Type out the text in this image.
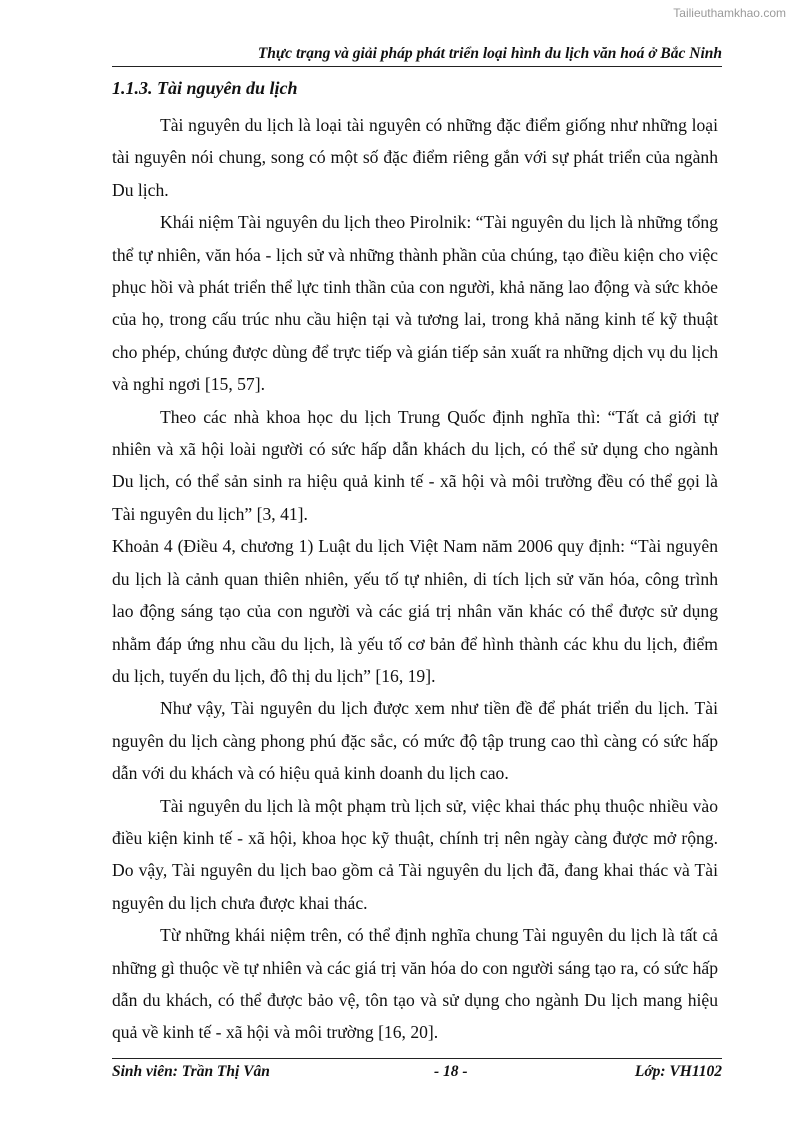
Tailieuthamkhao.com
Thực trạng và giải pháp phát triển loại hình du lịch văn hoá ở Bắc Ninh
1.1.3. Tài nguyên du lịch

Tài nguyên du lịch là loại tài nguyên có những đặc điểm giống như những loại tài nguyên nói chung, song có một số đặc điểm riêng gắn với sự phát triển của ngành Du lịch.

Khái niệm Tài nguyên du lịch theo Pirolnik: “Tài nguyên du lịch là những tổng thể tự nhiên, văn hóa - lịch sử và những thành phần của chúng, tạo điều kiện cho việc phục hồi và phát triển thể lực tinh thần của con người, khả năng lao động và sức khỏe của họ, trong cấu trúc nhu cầu hiện tại và tương lai, trong khả năng kinh tế kỹ thuật cho phép, chúng được dùng để trực tiếp và gián tiếp sản xuất ra những dịch vụ du lịch và nghỉ ngơi [15, 57].

Theo các nhà khoa học du lịch Trung Quốc định nghĩa thì: “Tất cả giới tự nhiên và xã hội loài người có sức hấp dẫn khách du lịch, có thể sử dụng cho ngành Du lịch, có thể sản sinh ra hiệu quả kinh tế - xã hội và môi trường đều có thể gọi là Tài nguyên du lịch” [3, 41].

Khoản 4 (Điều 4, chương 1) Luật du lịch Việt Nam năm 2006 quy định: “Tài nguyên du lịch là cảnh quan thiên nhiên, yếu tố tự nhiên, di tích lịch sử văn hóa, công trình lao động sáng tạo của con người và các giá trị nhân văn khác có thể được sử dụng nhằm đáp ứng nhu cầu du lịch, là yếu tố cơ bản để hình thành các khu du lịch, điểm du lịch, tuyến du lịch, đô thị du lịch” [16, 19].

Như vậy, Tài nguyên du lịch được xem như tiền đề để phát triển du lịch. Tài nguyên du lịch càng phong phú đặc sắc, có mức độ tập trung cao thì càng có sức hấp dẫn với du khách và có hiệu quả kinh doanh du lịch cao.

Tài nguyên du lịch là một phạm trù lịch sử, việc khai thác phụ thuộc nhiều vào điều kiện kinh tế - xã hội, khoa học kỹ thuật, chính trị nên ngày càng được mở rộng. Do vậy, Tài nguyên du lịch bao gồm cả Tài nguyên du lịch đã, đang khai thác và Tài nguyên du lịch chưa được khai thác.

Từ những khái niệm trên, có thể định nghĩa chung Tài nguyên du lịch là tất cả những gì thuộc về tự nhiên và các giá trị văn hóa do con người sáng tạo ra, có sức hấp dẫn du khách, có thể được bảo vệ, tôn tạo và sử dụng cho ngành Du lịch mang hiệu quả về kinh tế - xã hội và môi trường [16, 20].

Sinh viên: Trần Thị Vân	- 18 -	Lớp: VH1102
